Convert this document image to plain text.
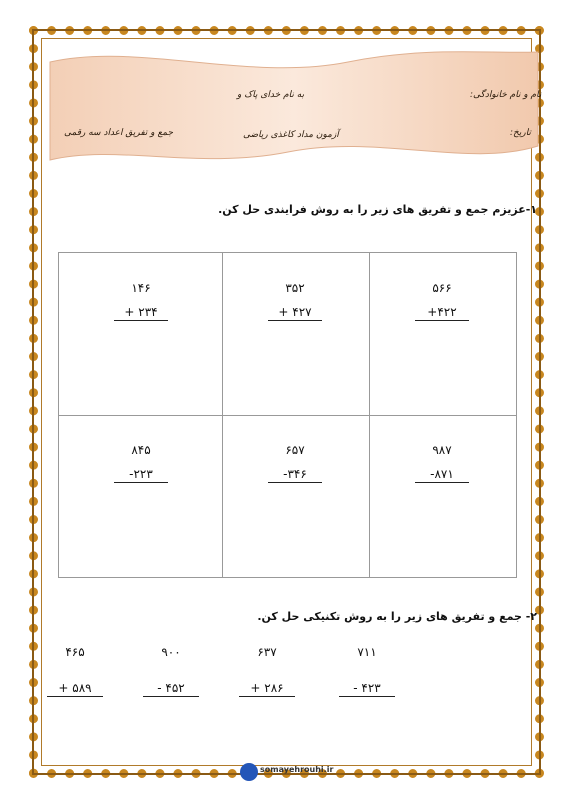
نام و نام خانوادگی:
به نام خدای پاک و
تاریخ:
آزمون مداد کاغذی ریاضی
جمع و تفریق اعداد سه رقمی
۱-عزیزم جمع و تفریق های زیر را به روش فرایندی حل کن.
۱۴۶
+ ۲۳۴
۳۵۲
+ ۴۲۷
۵۶۶
+۴۲۲
۸۴۵
-۲۲۳
۶۵۷
-۳۴۶
۹۸۷
-۸۷۱
۲- جمع و تفریق های زیر را به روش تکنیکی حل کن.
۴۶۵
+ ۵۸۹
۹۰۰
- ۴۵۲
۶۳۷
+ ۲۸۶
۷۱۱
- ۴۲۳
somayehrouhi.ir
